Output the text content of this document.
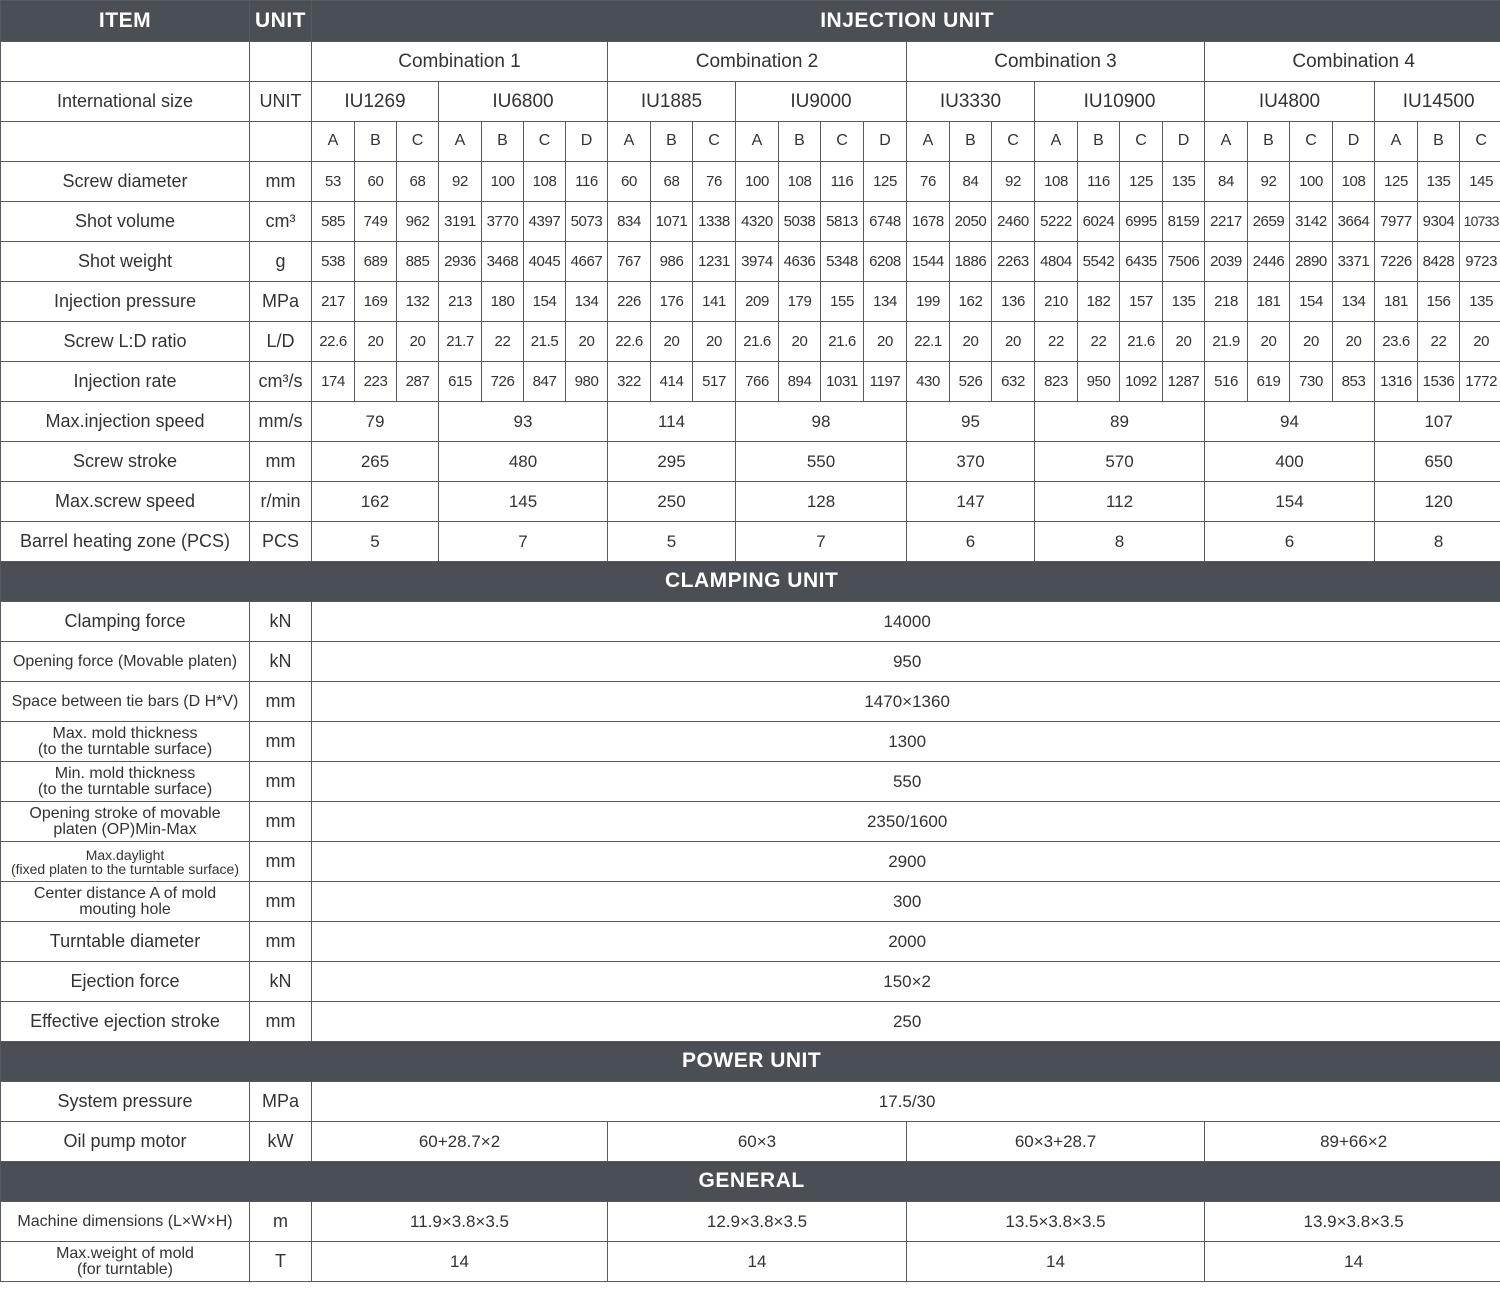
ITEM	UNIT	INJECTION UNIT																											
		Combination 1							Combination 2							Combination 3							Combination 4						
International size	UNIT	IU1269			IU6800				IU1885			IU9000				IU3330			IU10900				IU4800				IU14500		
		A	B	C	A	B	C	D	A	B	C	A	B	C	D	A	B	C	A	B	C	D	A	B	C	D	A	B	C
Screw diameter	mm	53	60	68	92	100	108	116	60	68	76	100	108	116	125	76	84	92	108	116	125	135	84	92	100	108	125	135	145
Shot volume	cm³	585	749	962	3191	3770	4397	5073	834	1071	1338	4320	5038	5813	6748	1678	2050	2460	5222	6024	6995	8159	2217	2659	3142	3664	7977	9304	10733
Shot weight	g	538	689	885	2936	3468	4045	4667	767	986	1231	3974	4636	5348	6208	1544	1886	2263	4804	5542	6435	7506	2039	2446	2890	3371	7226	8428	9723
Injection pressure	MPa	217	169	132	213	180	154	134	226	176	141	209	179	155	134	199	162	136	210	182	157	135	218	181	154	134	181	156	135
Screw L:D ratio	L/D	22.6	20	20	21.7	22	21.5	20	22.6	20	20	21.6	20	21.6	20	22.1	20	20	22	22	21.6	20	21.9	20	20	20	23.6	22	20
Injection rate	cm³/s	174	223	287	615	726	847	980	322	414	517	766	894	1031	1197	430	526	632	823	950	1092	1287	516	619	730	853	1316	1536	1772
Max.injection speed	mm/s	79			93				114			98				95			89				94				107		
Screw stroke	mm	265			480				295			550				370			570				400				650		
Max.screw speed	r/min	162			145				250			128				147			112				154				120		
Barrel heating zone (PCS)	PCS	5			7				5			7				6			8				6				8		
CLAMPING UNIT																													
Clamping force	kN	14000																											
Opening force (Movable platen)	kN	950																											
Space between tie bars (D H*V)	mm	1470×1360																											

Max. mold thickness
(to the turntable surface)	mm	1300																											

Min. mold thickness
(to the turntable surface)	mm	550																											

Opening stroke of movable
platen (OP)Min-Max	mm	2350/1600																											

Max.daylight
(fixed platen to the turntable surface)	mm	2900																											

Center distance A of mold
mouting hole	mm	300																											
Turntable diameter	mm	2000																											
Ejection force	kN	150×2																											
Effective ejection stroke	mm	250																											
POWER UNIT																													
System pressure	MPa	17.5/30																											
Oil pump motor	kW	60+28.7×2							60×3							60×3+28.7							89+66×2						
GENERAL																													
Machine dimensions (L×W×H)	m	11.9×3.8×3.5							12.9×3.8×3.5							13.5×3.8×3.5							13.9×3.8×3.5						

Max.weight of mold
(for turntable)	T	14							14							14							14						
